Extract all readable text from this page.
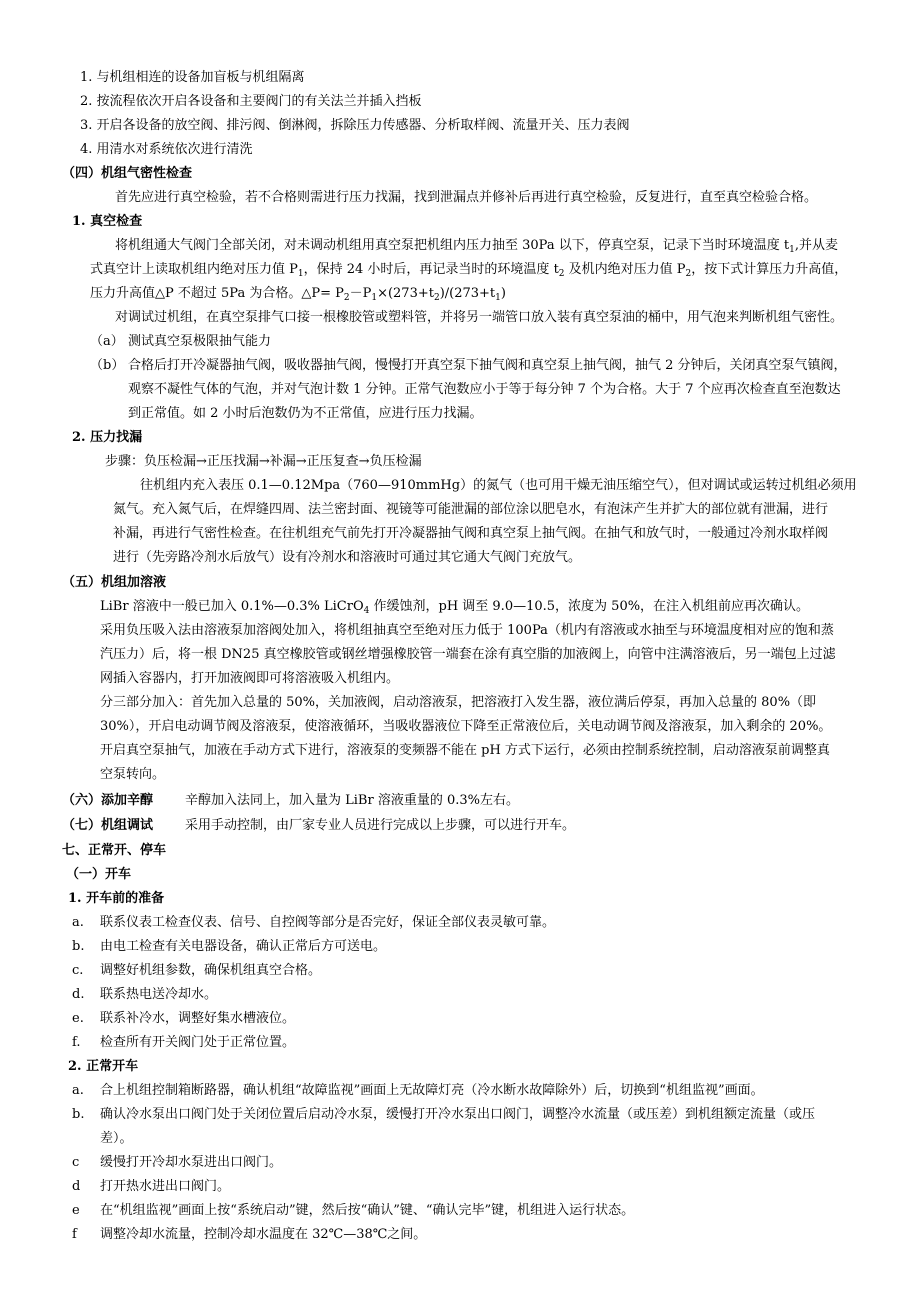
1. 与机组相连的设备加盲板与机组隔离
2. 按流程依次开启各设备和主要阀门的有关法兰并插入挡板
3. 开启各设备的放空阀、排污阀、倒淋阀，拆除压力传感器、分析取样阀、流量开关、压力表阀
4. 用清水对系统依次进行清洗
（四）机组气密性检查
首先应进行真空检验，若不合格则需进行压力找漏，找到泄漏点并修补后再进行真空检验，反复进行，直至真空检验合格。
1. 真空检查
将机组通大气阀门全部关闭，对未调动机组用真空泵把机组内压力抽至 30Pa 以下，停真空泵，记录下当时环境温度 $t_1$,并从麦
式真空计上读取机组内绝对压力值 $P_1$，保持 24 小时后，再记录当时的环境温度 $t_2$ 及机内绝对压力值 $P_2$，按下式计算压力升高值，
压力升高值△P 不超过 5Pa 为合格。△P= $P_2-P_1\times(273+t_2)/(273+t_1)$
对调试过机组，在真空泵排气口接一根橡胶管或塑料管，并将另一端管口放入装有真空泵油的桶中，用气泡来判断机组气密性。
（a） 测试真空泵极限抽气能力
（b） 合格后打开冷凝器抽气阀，吸收器抽气阀，慢慢打开真空泵下抽气阀和真空泵上抽气阀，抽气 2 分钟后，关闭真空泵气镇阀，
观察不凝性气体的气泡，并对气泡计数 1 分钟。正常气泡数应小于等于每分钟 7 个为合格。大于 7 个应再次检查直至泡数达
到正常值。如 2 小时后泡数仍为不正常值，应进行压力找漏。
2. 压力找漏
步骤：负压检漏→正压找漏→补漏→正压复查→负压检漏
往机组内充入表压 0.1—0.12Mpa（760—910mmHg）的氮气（也可用干燥无油压缩空气），但对调试或运转过机组必须用
氮气。充入氮气后，在焊缝四周、法兰密封面、视镜等可能泄漏的部位涂以肥皂水，有泡沫产生并扩大的部位就有泄漏，进行
补漏，再进行气密性检查。在往机组充气前先打开冷凝器抽气阀和真空泵上抽气阀。在抽气和放气时，一般通过冷剂水取样阀
进行（先旁路冷剂水后放气）设有冷剂水和溶液时可通过其它通大气阀门充放气。
（五）机组加溶液
LiBr 溶液中一般已加入 0.1%—0.3% LiCrO$_4$ 作缓蚀剂，pH 调至 9.0—10.5，浓度为 50%，在注入机组前应再次确认。
采用负压吸入法由溶液泵加溶阀处加入，将机组抽真空至绝对压力低于 100Pa（机内有溶液或水抽至与环境温度相对应的饱和蒸
汽压力）后，将一根 DN25 真空橡胶管或钢丝增强橡胶管一端套在涂有真空脂的加液阀上，向管中注满溶液后，另一端包上过滤
网插入容器内，打开加液阀即可将溶液吸入机组内。
分三部分加入：首先加入总量的 50%，关加液阀，启动溶液泵，把溶液打入发生器，液位满后停泵，再加入总量的 80%（即
30%），开启电动调节阀及溶液泵，使溶液循环，当吸收器液位下降至正常液位后，关电动调节阀及溶液泵，加入剩余的 20%。
开启真空泵抽气，加液在手动方式下进行，溶液泵的变频器不能在 pH 方式下运行，必须由控制系统控制，启动溶液泵前调整真
空泵转向。
（六）添加辛醇 辛醇加入法同上，加入量为 LiBr 溶液重量的 0.3%左右。
（七）机组调试 采用手动控制，由厂家专业人员进行完成以上步骤，可以进行开车。
七、正常开、停车
（一）开车
1. 开车前的准备
a. 联系仪表工检查仪表、信号、自控阀等部分是否完好，保证全部仪表灵敏可靠。
b. 由电工检查有关电器设备，确认正常后方可送电。
c. 调整好机组参数，确保机组真空合格。
d. 联系热电送冷却水。
e. 联系补冷水，调整好集水槽液位。
f. 检查所有开关阀门处于正常位置。
2. 正常开车
a. 合上机组控制箱断路器，确认机组“故障监视”画面上无故障灯亮（冷水断水故障除外）后，切换到“机组监视”画面。
b. 确认冷水泵出口阀门处于关闭位置后启动冷水泵，缓慢打开冷水泵出口阀门，调整冷水流量（或压差）到机组额定流量（或压
差）。
c 缓慢打开冷却水泵进出口阀门。
d 打开热水进出口阀门。
e 在“机组监视”画面上按“系统启动”键，然后按“确认”键、“确认完毕”键，机组进入运行状态。
f 调整冷却水流量，控制冷却水温度在 32℃—38℃之间。
